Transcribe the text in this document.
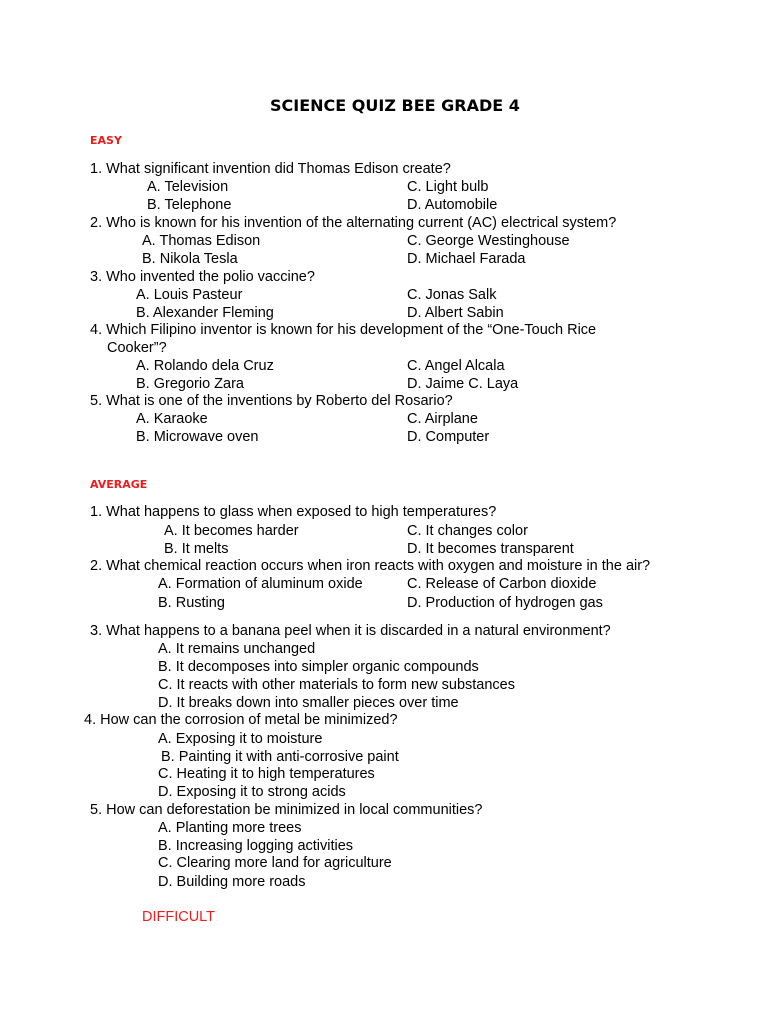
SCIENCE QUIZ BEE GRADE 4
EASY
1. What significant invention did Thomas Edison create?
A. Television	C. Light bulb
B. Telephone	D. Automobile
2. Who is known for his invention of the alternating current (AC) electrical system?
A. Thomas Edison	C. George Westinghouse
B. Nikola Tesla	D. Michael Farada
3. Who invented the polio vaccine?
A. Louis Pasteur	C. Jonas Salk
B. Alexander Fleming	D. Albert Sabin
4. Which Filipino inventor is known for his development of the “One-Touch Rice
Cooker”?
A. Rolando dela Cruz	C. Angel Alcala
B. Gregorio Zara	D. Jaime C. Laya
5. What is one of the inventions by Roberto del Rosario?
A. Karaoke	C. Airplane
B. Microwave oven	D. Computer
AVERAGE
1. What happens to glass when exposed to high temperatures?
A. It becomes harder	C. It changes color
B. It melts	D. It becomes transparent
2. What chemical reaction occurs when iron reacts with oxygen and moisture in the air?
A. Formation of aluminum oxide	C. Release of Carbon dioxide
B. Rusting	D. Production of hydrogen gas
3. What happens to a banana peel when it is discarded in a natural environment?
A. It remains unchanged
B. It decomposes into simpler organic compounds
C. It reacts with other materials to form new substances
D. It breaks down into smaller pieces over time
4. How can the corrosion of metal be minimized?
A. Exposing it to moisture
B. Painting it with anti-corrosive paint
C. Heating it to high temperatures
D. Exposing it to strong acids
5. How can deforestation be minimized in local communities?
A. Planting more trees
B. Increasing logging activities
C. Clearing more land for agriculture
D. Building more roads
DIFFICULT
